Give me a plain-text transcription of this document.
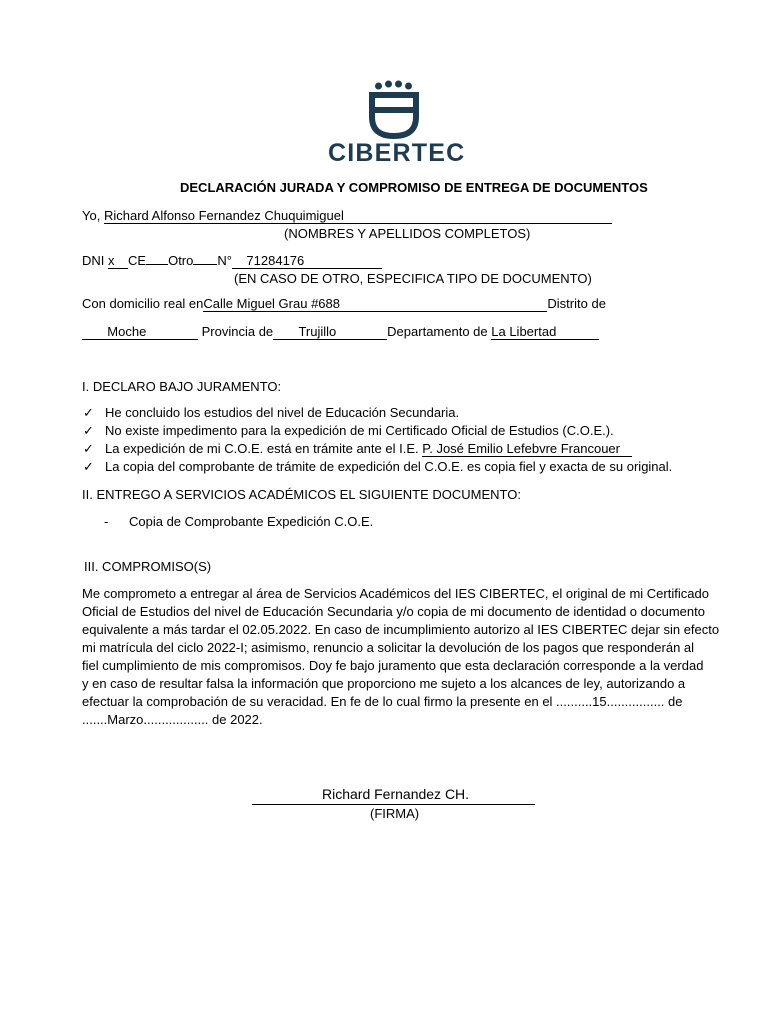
CIBERTEC
DECLARACIÓN JURADA Y COMPROMISO DE ENTREGA DE DOCUMENTOS
Yo, Richard Alfonso Fernandez Chuquimiguel
(NOMBRES Y APELLIDOS COMPLETOS)
DNI x CE Otro N° 71284176
(EN CASO DE OTRO, ESPECIFICA TIPO DE DOCUMENTO)
Con domicilio real enCalle Miguel Grau #688	Distrito de
Moche	Provincia de Trujillo	Departamento de La Libertad
I. DECLARO BAJO JURAMENTO:
✓ He concluido los estudios del nivel de Educación Secundaria.
✓ No existe impedimento para la expedición de mi Certificado Oficial de Estudios (C.O.E.).
✓ La expedición de mi C.O.E. está en trámite ante el I.E. P. José Emilio Lefebvre Francouer
✓ La copia del comprobante de trámite de expedición del C.O.E. es copia fiel y exacta de su original.
II. ENTREGO A SERVICIOS ACADÉMICOS EL SIGUIENTE DOCUMENTO:
- Copia de Comprobante Expedición C.O.E.
III. COMPROMISO(S)
Me comprometo a entregar al área de Servicios Académicos del IES CIBERTEC, el original de mi Certificado
Oficial de Estudios del nivel de Educación Secundaria y/o copia de mi documento de identidad o documento
equivalente a más tardar el 02.05.2022. En caso de incumplimiento autorizo al IES CIBERTEC dejar sin efecto
mi matrícula del ciclo 2022-I; asimismo, renuncio a solicitar la devolución de los pagos que responderán al
fiel cumplimiento de mis compromisos. Doy fe bajo juramento que esta declaración corresponde a la verdad
y en caso de resultar falsa la información que proporciono me sujeto a los alcances de ley, autorizando a
efectuar la comprobación de su veracidad. En fe de lo cual firmo la presente en el ..........15................ de
.......Marzo.................. de 2022.
Richard Fernandez CH.
(FIRMA)
